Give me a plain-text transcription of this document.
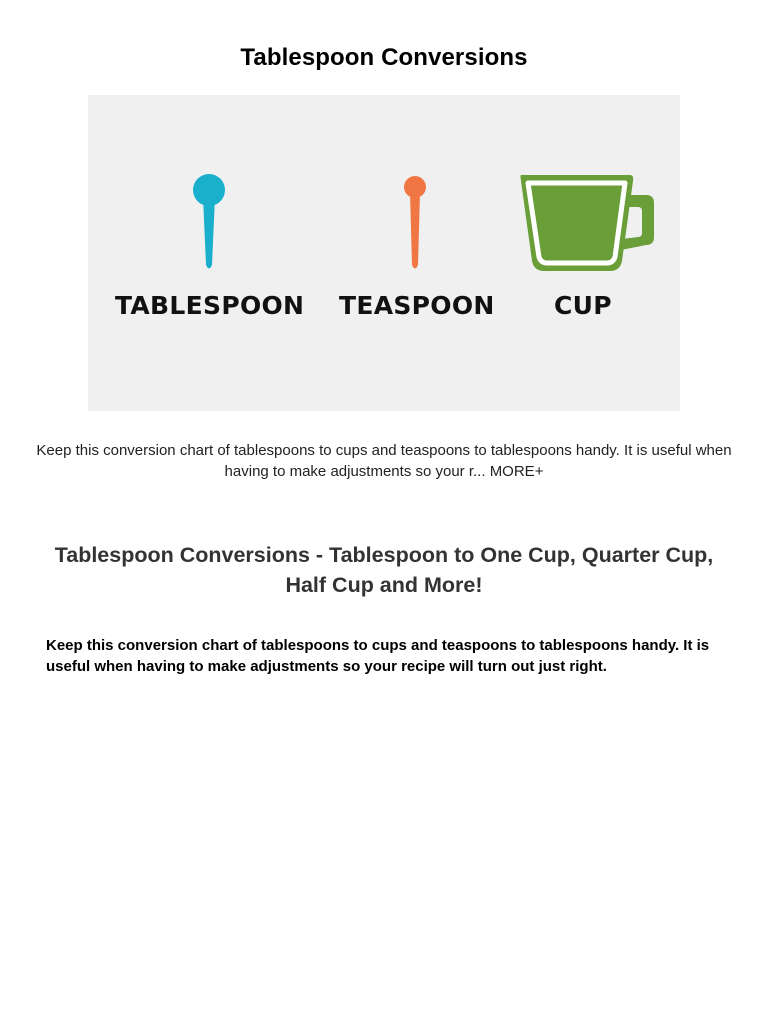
Tablespoon Conversions
TABLESPOON TEASPOON CUP

Keep this conversion chart of tablespoons to cups and teaspoons to tablespoons handy. It is useful when having to make adjustments so your r... MORE+

Tablespoon Conversions - Tablespoon to One Cup, Quarter Cup, Half Cup and More!

Keep this conversion chart of tablespoons to cups and teaspoons to tablespoons handy. It is useful when having to make adjustments so your recipe will turn out just right.
